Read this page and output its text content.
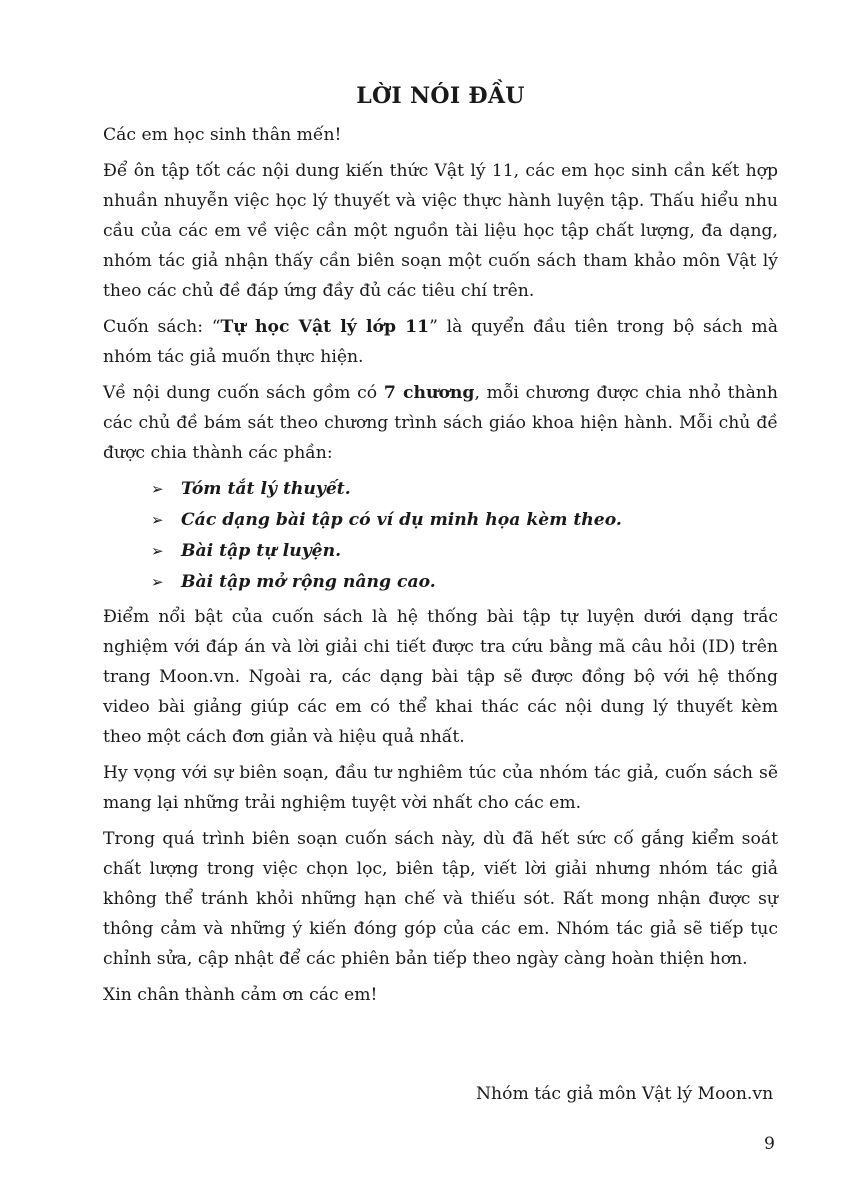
LỜI NÓI ĐẦU

Các em học sinh thân mến!

Để ôn tập tốt các nội dung kiến thức Vật lý 11, các em học sinh cần kết hợp nhuần nhuyễn việc học lý thuyết và việc thực hành luyện tập. Thấu hiểu nhu cầu của các em về việc cần một nguồn tài liệu học tập chất lượng, đa dạng, nhóm tác giả nhận thấy cần biên soạn một cuốn sách tham khảo môn Vật lý theo các chủ đề đáp ứng đầy đủ các tiêu chí trên.

Cuốn sách: “Tự học Vật lý lớp 11” là quyển đầu tiên trong bộ sách mà nhóm tác giả muốn thực hiện.

Về nội dung cuốn sách gồm có 7 chương, mỗi chương được chia nhỏ thành các chủ đề bám sát theo chương trình sách giáo khoa hiện hành. Mỗi chủ đề được chia thành các phần:

➢	Tóm tắt lý thuyết.
➢	Các dạng bài tập có ví dụ minh họa kèm theo.
➢	Bài tập tự luyện.
➢	Bài tập mở rộng nâng cao.

Điểm nổi bật của cuốn sách là hệ thống bài tập tự luyện dưới dạng trắc nghiệm với đáp án và lời giải chi tiết được tra cứu bằng mã câu hỏi (ID) trên trang Moon.vn. Ngoài ra, các dạng bài tập sẽ được đồng bộ với hệ thống video bài giảng giúp các em có thể khai thác các nội dung lý thuyết kèm theo một cách đơn giản và hiệu quả nhất.

Hy vọng với sự biên soạn, đầu tư nghiêm túc của nhóm tác giả, cuốn sách sẽ mang lại những trải nghiệm tuyệt vời nhất cho các em.

Trong quá trình biên soạn cuốn sách này, dù đã hết sức cố gắng kiểm soát chất lượng trong việc chọn lọc, biên tập, viết lời giải nhưng nhóm tác giả không thể tránh khỏi những hạn chế và thiếu sót. Rất mong nhận được sự thông cảm và những ý kiến đóng góp của các em. Nhóm tác giả sẽ tiếp tục chỉnh sửa, cập nhật để các phiên bản tiếp theo ngày càng hoàn thiện hơn.

Xin chân thành cảm ơn các em!

Nhóm tác giả môn Vật lý Moon.vn
9
